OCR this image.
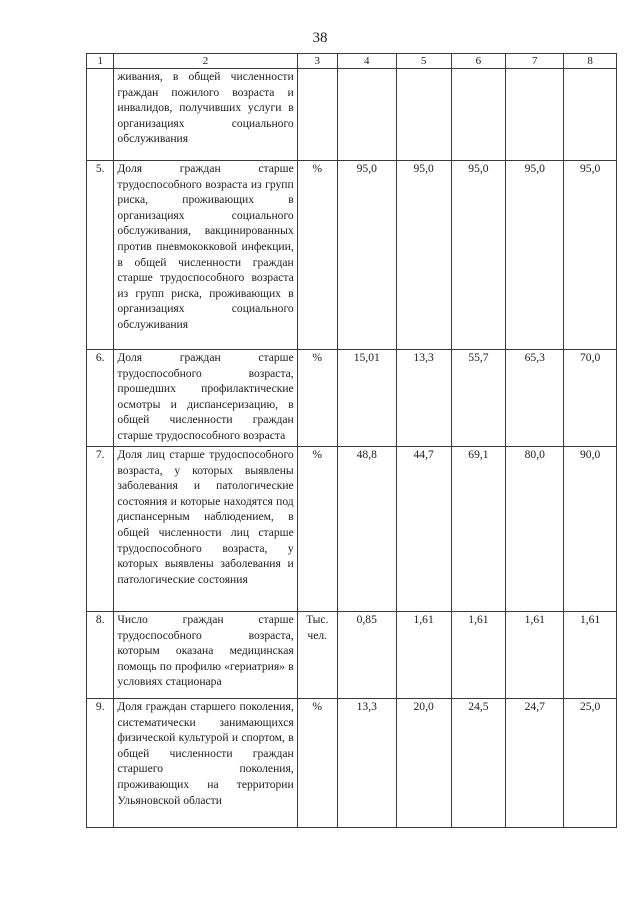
38
1	2	3	4	5	6	7	8
	живания, в общей численности граждан пожилого возраста и инвалидов, получивших услуги в организациях социального обслуживания						
5.	Доля граждан старше трудоспособного возраста из групп риска, проживающих в организациях социального обслуживания, вакцинированных против пневмококковой инфекции, в общей численности граждан старше трудоспособного возраста из групп риска, проживающих в организациях социального обслуживания	%	95,0	95,0	95,0	95,0	95,0
6.	Доля граждан старше трудоспособного возраста, прошедших профилактические осмотры и диспансеризацию, в общей численности граждан старше трудоспособного возраста	%	15,01	13,3	55,7	65,3	70,0
7.	Доля лиц старше трудоспособного возраста, у которых выявлены заболевания и патологические состояния и которые находятся под диспансерным наблюдением, в общей численности лиц старше трудоспособного возраста, у которых выявлены заболевания и патологические состояния	%	48,8	44,7	69,1	80,0	90,0
8.	Число граждан старше трудоспособного возраста, которым оказана медицинская помощь по профилю «гериатрия» в условиях стационара	Тыс. чел.	0,85	1,61	1,61	1,61	1,61
9.	Доля граждан старшего поколения, систематически занимающихся физической культурой и спортом, в общей численности граждан старшего поколения, проживающих на территории Ульяновской области	%	13,3	20,0	24,5	24,7	25,0
